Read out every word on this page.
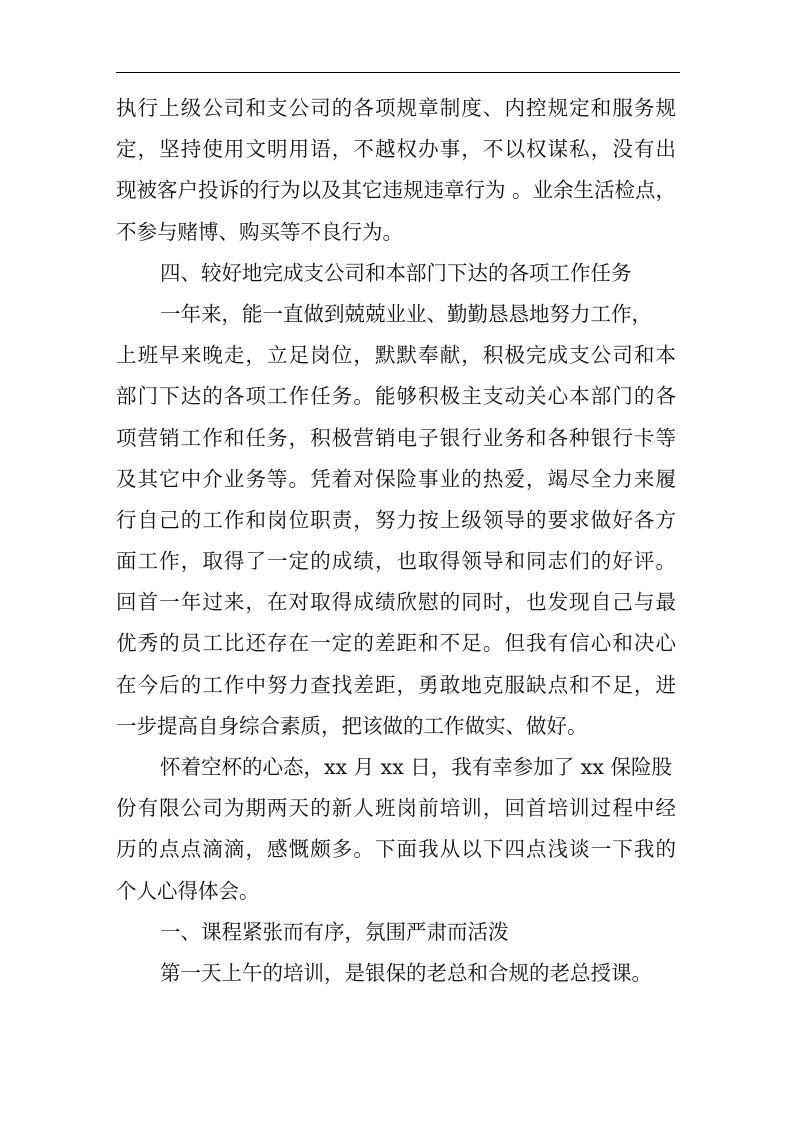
执行上级公司和支公司的各项规章制度、内控规定和服务规
定，坚持使用文明用语，不越权办事，不以权谋私，没有出
现被客户投诉的行为以及其它违规违章行为 。业余生活检点，
不参与赌博、购买等不良行为。
四、较好地完成支公司和本部门下达的各项工作任务
一年来，能一直做到兢兢业业、勤勤恳恳地努力工作，
上班早来晚走，立足岗位，默默奉献，积极完成支公司和本
部门下达的各项工作任务。能够积极主支动关心本部门的各
项营销工作和任务，积极营销电子银行业务和各种银行卡等
及其它中介业务等。凭着对保险事业的热爱，竭尽全力来履
行自己的工作和岗位职责，努力按上级领导的要求做好各方
面工作，取得了一定的成绩，也取得领导和同志们的好评。
回首一年过来，在对取得成绩欣慰的同时，也发现自己与最
优秀的员工比还存在一定的差距和不足。但我有信心和决心
在今后的工作中努力查找差距，勇敢地克服缺点和不足，进
一步提高自身综合素质，把该做的工作做实、做好。
怀着空杯的心态，xx 月 xx 日，我有幸参加了 xx 保险股
份有限公司为期两天的新人班岗前培训，回首培训过程中经
历的点点滴滴，感慨颇多。下面我从以下四点浅谈一下我的
个人心得体会。
一、课程紧张而有序，氛围严肃而活泼
第一天上午的培训，是银保的老总和合规的老总授课。
